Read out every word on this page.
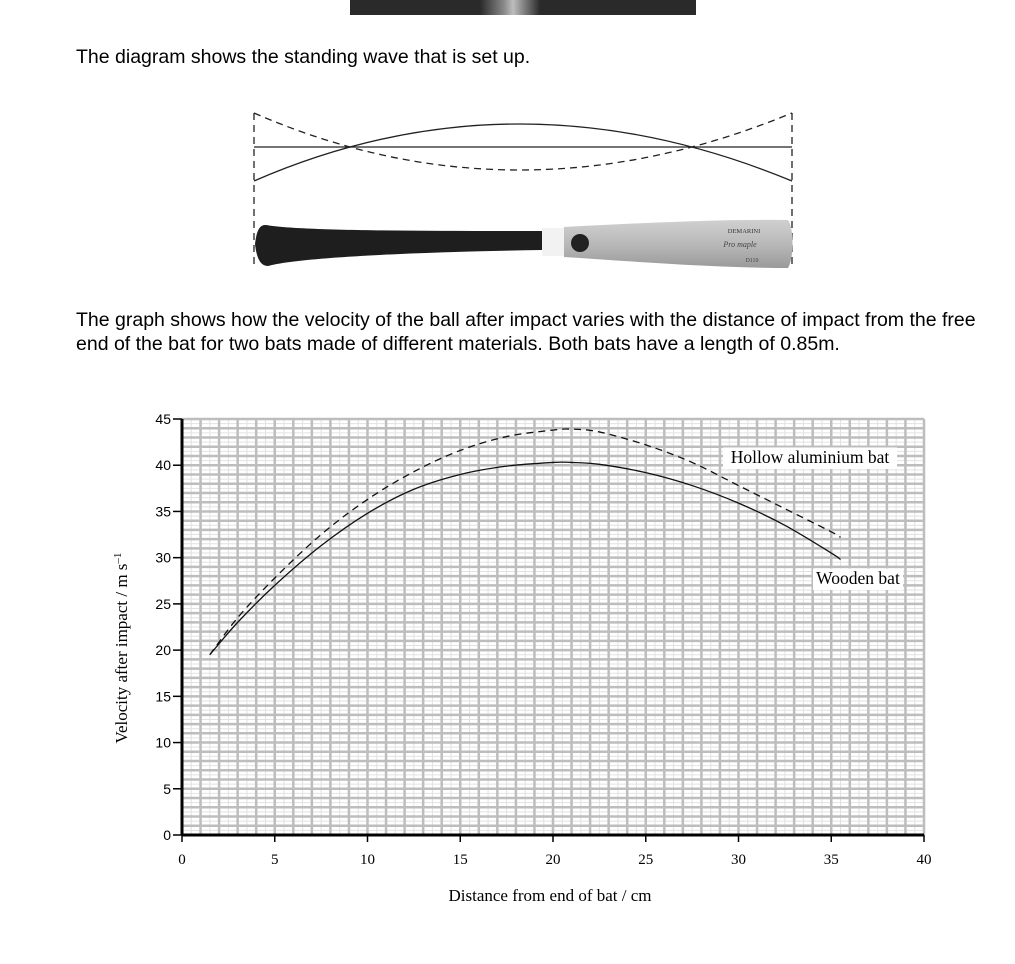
The diagram shows the standing wave that is set up.

DEMARINI
Pro maple
D110

The graph shows how the velocity of the ball after impact varies with the distance of impact from the free end of the bat for two bats made of different materials. Both bats have a length of 0.85m.

0
5
10
15
20
25
30
35
40
45
0	5	10	15	20	25	30	35	40
Hollow aluminium bat
Wooden bat
Distance from end of bat / cm
Velocity after impact / m $s^{-1}$
